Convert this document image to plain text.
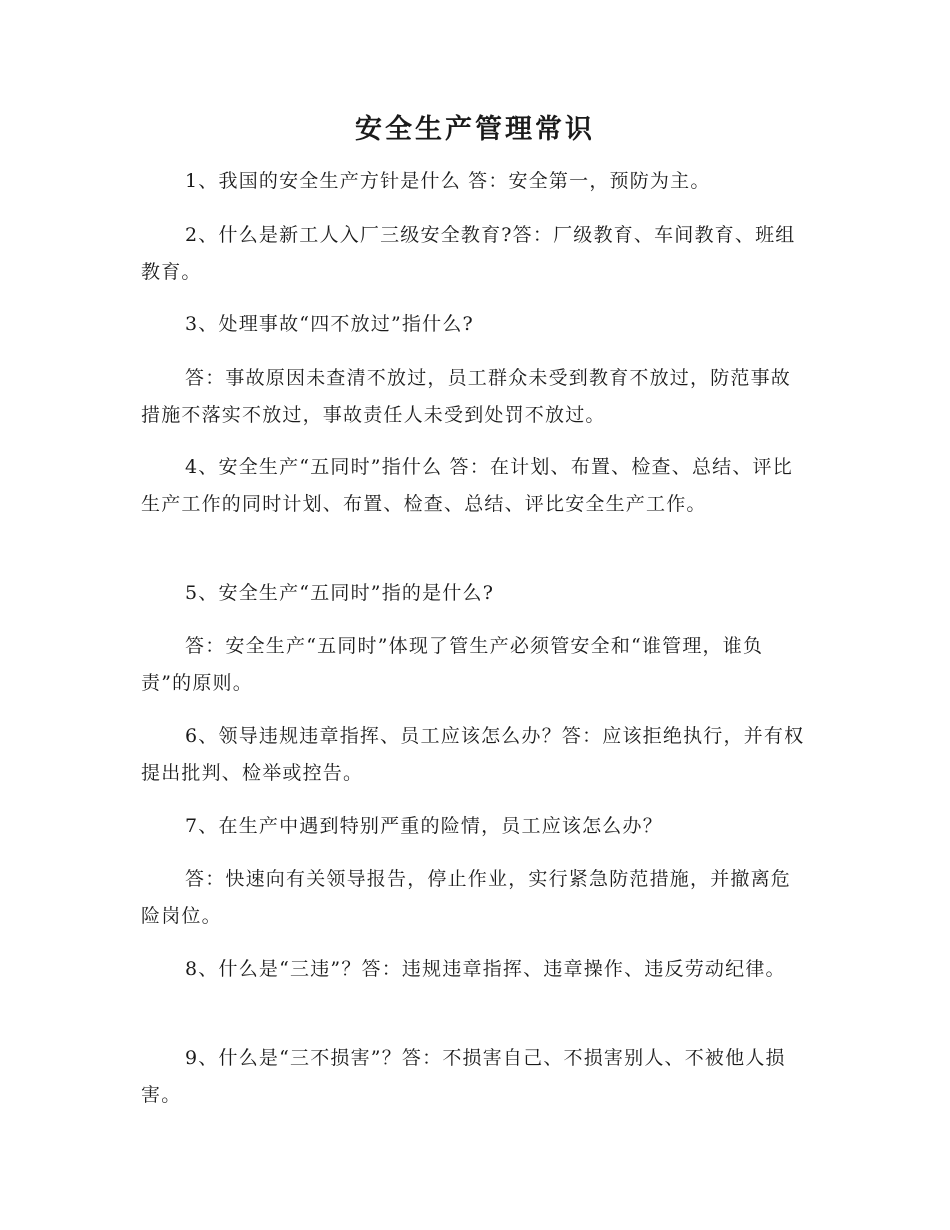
安全生产管理常识

1、我国的安全生产方针是什么 答：安全第一，预防为主。

2、什么是新工人入厂三级安全教育?答：厂级教育、车间教育、班组教育。

3、处理事故“四不放过”指什么?

答：事故原因未查清不放过，员工群众未受到教育不放过，防范事故措施不落实不放过，事故责任人未受到处罚不放过。

4、安全生产“五同时”指什么 答：在计划、布置、检查、总结、评比生产工作的同时计划、布置、检查、总结、评比安全生产工作。

5、安全生产“五同时”指的是什么?

答：安全生产“五同时”体现了管生产必须管安全和“谁管理，谁负责”的原则。

6、领导违规违章指挥、员工应该怎么办？答：应该拒绝执行，并有权提出批判、检举或控告。

7、在生产中遇到特别严重的险情，员工应该怎么办？

答：快速向有关领导报告，停止作业，实行紧急防范措施，并撤离危险岗位。

8、什么是“三违”？答：违规违章指挥、违章操作、违反劳动纪律。

9、什么是“三不损害”？答：不损害自己、不损害别人、不被他人损害。
